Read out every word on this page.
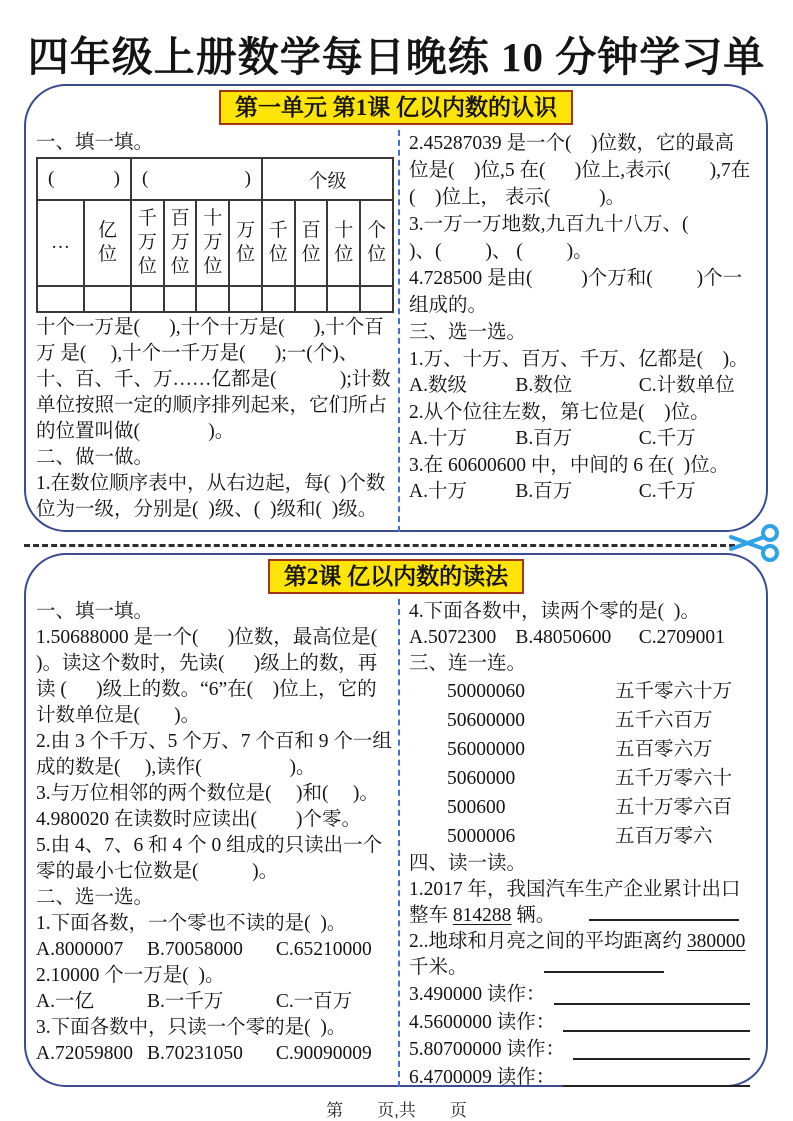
四年级上册数学每日晚练 10 分钟学习单
第一单元 第1课 亿以内数的认识

一、填一填。

( )		( )				个级			
…	亿位	千万位	百万位	十万位	万位	千位	百位	十位	个位

十个一万是(      ),十个十万是(      ),十个百万 是(     ),十个一千万是(      );一(个)、十、百、千、万……亿都是(             );计数单位按照一定的顺序排列起来，它们所占的位置叫做(              )。

二、做一做。

1.在数位顺序表中，从右边起，每(  )个数位为一级，分别是(  )级、(  )级和(  )级。

2.45287039 是一个(    )位数，它的最高位是(    )位,5 在(      )位上,表示(        ),7在(    )位上， 表示(          )。

3.一万一万地数,九百九十八万、(        )、(         )、 (         )。

4.728500 是由(          )个万和(         )个一组成的。

三、选一选。

1.万、十万、百万、千万、亿都是(    )。

A.数级	B.数位	C.计数单位

2.从个位往左数，第七位是(    )位。

A.十万	B.百万	C.千万

3.在 60600600 中，中间的 6 在(  )位。

A.十万	B.百万	C.千万
第2课 亿以内数的读法

一、填一填。

1.50688000 是一个(      )位数，最高位是(      )。读这个数时，先读(      )级上的数，再读 (      )级上的数。“6”在(    )位上，它的计数单位是(       )。

2.由 3 个千万、5 个万、7 个百和 9 个一组成的数是(     ),读作(                  )。

3.与万位相邻的两个数位是(     )和(     )。

4.980020 在读数时应读出(        )个零。

5.由 4、7、6 和 4 个 0 组成的只读出一个零的最小七位数是(           )。

二、选一选。

1.下面各数，一个零也不读的是(  )。

A.8000007	B.70058000	C.65210000

2.10000 个一万是(  )。

A.一亿	B.一千万	C.一百万

3.下面各数中，只读一个零的是(  )。

A.72059800 B.70231050	C.90090009

4.下面各数中，读两个零的是(  )。

A.5072300 B.48050600	C.2709001

三、连一连。

50000060	五千零六十万
50600000	五千六百万
56000000	五百零六万
5060000	五千万零六十
500600	五十万零六百
5000006	五百万零六

四、读一读。

1.2017 年，我国汽车生产企业累计出口整车 814288 辆。

2..地球和月亮之间的平均距离约 380000 千米。

3.490000 读作：
4.5600000 读作：
5.80700000 读作：
6.4700009 读作：
第　　页,共　　页
